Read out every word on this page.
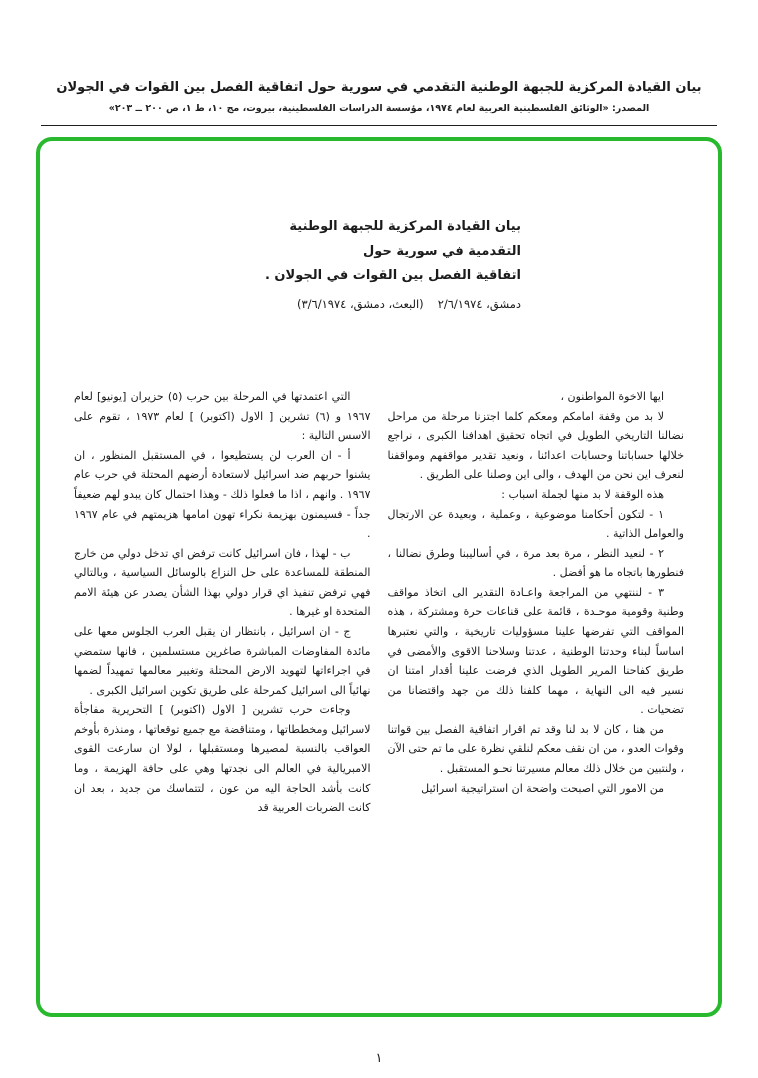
بيان القيادة المركزية للجبهة الوطنية التقدمي في سورية حول اتفاقية الفصل بين القوات في الجولان
المصدر: «الوثائق الفلسطينية العربية لعام ١٩٧٤، مؤسسة الدراسات الفلسطينية، بيروت، مج ١٠، ط ١، ص ٢٠٠ ــ ٢٠٣»
بيان القيادة المركزية للجبهة الوطنية التقدمية في سورية حول
اتفاقية الفصل بين القوات في الجولان .
دمشق، ٢/٦/١٩٧٤
(البعث، دمشق، ٣/٦/١٩٧٤)

ايها الاخوة المواطنون ،

لا بد من وقفة امامكم ومعكم كلما اجتزنا مرحلة من مراحل نضالنا التاريخي الطويل في اتجاه تحقيق اهدافنا الكبرى ، نراجع خلالها حساباتنا وحسابات اعدائنا ، ونعيد تقدير مواقفهم ومواقفنا لنعرف اين نحن من الهدف ، والى اين وصلنا على الطريق .

هذه الوقفة لا بد منها لجملة اسباب :

١ - لتكون أحكامنا موضوعية ، وعملية ، وبعيدة عن الارتجال والعوامل الذاتية .

٢ - لنعيد النظر ، مرة بعد مرة ، في أساليبنا وطرق نضالنا ، فنطورها باتجاه ما هو أفضل .

٣ - لننتهي من المراجعة واعـادة التقدير الى اتخاذ مواقف وطنية وقومية موحـدة ، قائمة على قناعات حرة ومشتركة ، هذه المواقف التي تفرضها علينا مسؤوليات تاريخية ، والتي نعتبرها اساساً لبناء وحدتنا الوطنية ، عدتنا وسلاحنا الاقوى والأمضى في طريق كفاحنا المرير الطويل الذي فرضت علينا أقدار امتنا ان نسير فيه الى النهاية ، مهما كلفنا ذلك من جهد واقتضانا من تضحيات .

من هنا ، كان لا بد لنا وقد تم اقرار اتفاقية الفصل بين قواتنا وقوات العدو ، من ان نقف معكم لنلقي نظرة على ما تم حتى الآن ، ولنتبين من خلال ذلك معالم مسيرتنا نحـو المستقبل .

من الامور التي اصبحت واضحة ان استراتيجية اسرائيل

التي اعتمدتها في المرحلة بين حرب (٥) حزيران [يونيو] لعام ١٩٦٧ و (٦) تشرين [ الاول (اكتوبر) ] لعام ١٩٧٣ ، تقوم على الاسس التالية :

أ - ان العرب لن يستطيعوا ، في المستقبل المنظور ، ان يشنوا حربهم ضد اسرائيل لاستعادة أرضهم المحتلة في حرب عام ١٩٦٧ . وانهم ، اذا ما فعلوا ذلك - وهذا احتمال كان يبدو لهم ضعيفاً جداً - فسيمنون بهزيمة نكراء تهون امامها هزيمتهم في عام ١٩٦٧ .

ب - لهذا ، فان اسرائيل كانت ترفض اي تدخل دولي من خارج المنطقة للمساعدة على حل النزاع بالوسائل السياسية ، وبالتالي فهي ترفض تنفيذ اي قرار دولي بهذا الشأن يصدر عن هيئة الامم المتحدة او غيرها .

ج - ان اسرائيل ، بانتظار ان يقبل العرب الجلوس معها على مائدة المفاوضات المباشرة صاغرين مستسلمين ، فانها ستمضي في اجراءاتها لتهويد الارض المحتلة وتغيير معالمها تمهيداً لضمها نهائياً الى اسرائيل كمرحلة على طريق تكوين اسرائيل الكبرى .

وجاءت حرب تشرين [ الاول (اكتوبر) ] التحريرية مفاجأة لاسرائيل ومخططاتها ، ومتناقضة مع جميع توقعاتها ، ومنذرة بأوخم العواقب بالنسبة لمصيرها ومستقبلها ، لولا ان سارعت القوى الامبريالية في العالم الى نجدتها وهي على حافة الهزيمة ، وما كانت بأشد الحاجة اليه من عون ، لتتماسك من جديد ، بعد ان كانت الضربات العربية قد

١
